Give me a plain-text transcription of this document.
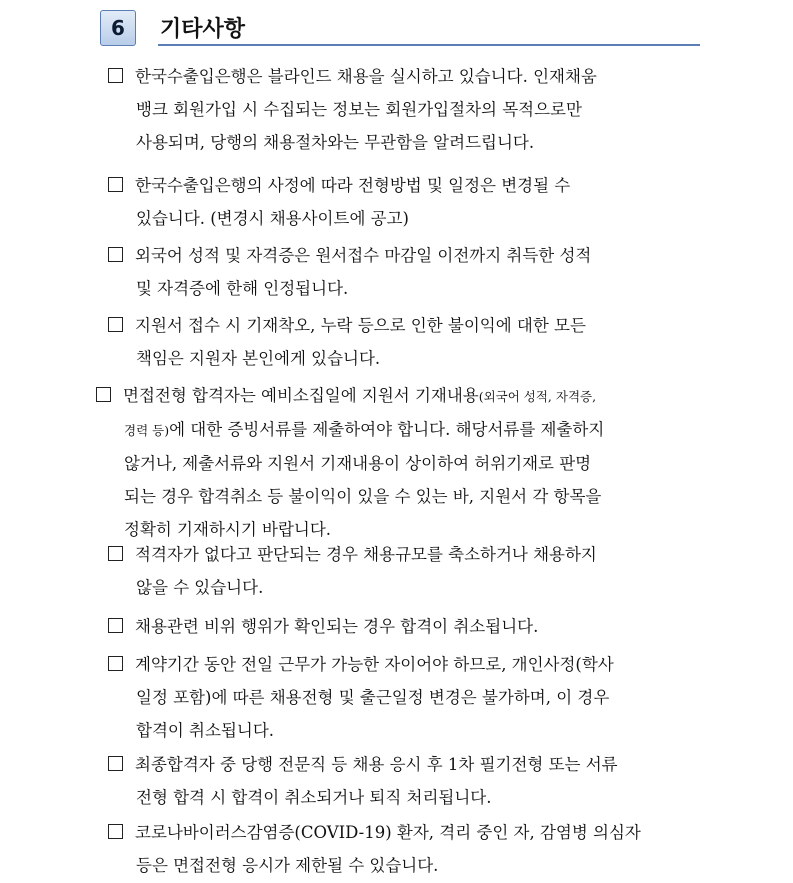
6	기타사항
한국수출입은행은 블라인드 채용을 실시하고 있습니다. 인재채움
뱅크 회원가입 시 수집되는 정보는 회원가입절차의 목적으로만
사용되며, 당행의 채용절차와는 무관함을 알려드립니다.
한국수출입은행의 사정에 따라 전형방법 및 일정은 변경될 수
있습니다. (변경시 채용사이트에 공고)
외국어 성적 및 자격증은 원서접수 마감일 이전까지 취득한 성적
및 자격증에 한해 인정됩니다.
지원서 접수 시 기재착오, 누락 등으로 인한 불이익에 대한 모든
책임은 지원자 본인에게 있습니다.
면접전형 합격자는 예비소집일에 지원서 기재내용(외국어 성적, 자격증,
경력 등)에 대한 증빙서류를 제출하여야 합니다. 해당서류를 제출하지
않거나, 제출서류와 지원서 기재내용이 상이하여 허위기재로 판명
되는 경우 합격취소 등 불이익이 있을 수 있는 바, 지원서 각 항목을
정확히 기재하시기 바랍니다.
적격자가 없다고 판단되는 경우 채용규모를 축소하거나 채용하지
않을 수 있습니다.
채용관련 비위 행위가 확인되는 경우 합격이 취소됩니다.
계약기간 동안 전일 근무가 가능한 자이어야 하므로, 개인사정(학사
일정 포함)에 따른 채용전형 및 출근일정 변경은 불가하며, 이 경우
합격이 취소됩니다.
최종합격자 중 당행 전문직 등 채용 응시 후 1차 필기전형 또는 서류
전형 합격 시 합격이 취소되거나 퇴직 처리됩니다.
코로나바이러스감염증(COVID-19) 환자, 격리 중인 자, 감염병 의심자
등은 면접전형 응시가 제한될 수 있습니다.
